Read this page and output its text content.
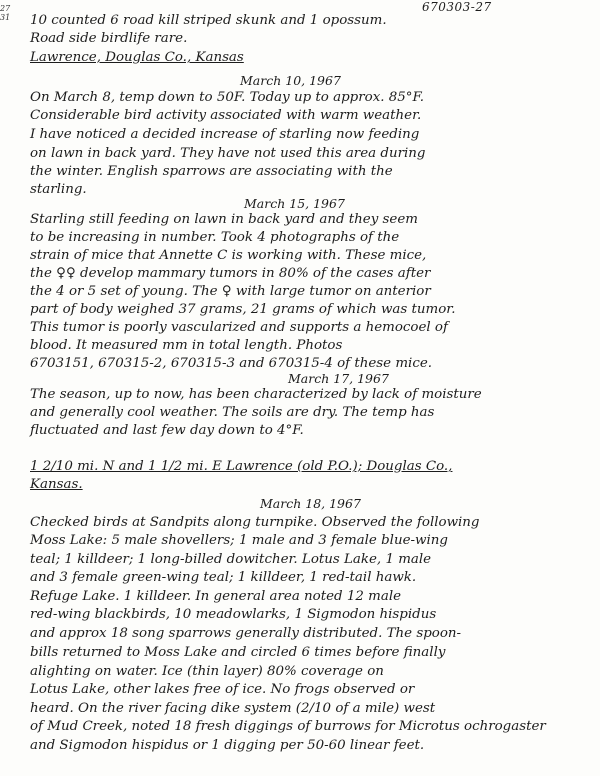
27
31
670303-27
10 counted 6 road kill striped skunk and 1 opossum.
Road side birdlife rare.
Lawrence, Douglas Co., Kansas
March 10, 1967
On March 8, temp down to 50F. Today up to approx. 85°F.
Considerable bird activity associated with warm weather.
I have noticed a decided increase of starling now feeding
on lawn in back yard. They have not used this area during
the winter. English sparrows are associating with the
starling.
March 15, 1967
Starling still feeding on lawn in back yard and they seem
to be increasing in number. Took 4 photographs of the
strain of mice that Annette C is working with. These mice,
the ♀♀ develop mammary tumors in 80% of the cases after
the 4 or 5 set of young. The ♀ with large tumor on anterior
part of body weighed 37 grams, 21 grams of which was tumor.
This tumor is poorly vascularized and supports a hemocoel of
blood. It measured mm in total length. Photos
6703151, 670315-2, 670315-3 and 670315-4 of these mice.
March 17, 1967
The season, up to now, has been characterized by lack of moisture
and generally cool weather. The soils are dry. The temp has
fluctuated and last few day down to 4°F.
1 2/10 mi. N and 1 1/2 mi. E Lawrence (old P.O.); Douglas Co.,
Kansas.
March 18, 1967
Checked birds at Sandpits along turnpike. Observed the following
Moss Lake: 5 male shovellers; 1 male and 3 female blue-wing
teal; 1 killdeer; 1 long-billed dowitcher. Lotus Lake, 1 male
and 3 female green-wing teal; 1 killdeer, 1 red-tail hawk.
Refuge Lake. 1 killdeer. In general area noted 12 male
red-wing blackbirds, 10 meadowlarks, 1 Sigmodon hispidus
and approx 18 song sparrows generally distributed. The spoon-
bills returned to Moss Lake and circled 6 times before finally
alighting on water. Ice (thin layer) 80% coverage on
Lotus Lake, other lakes free of ice. No frogs observed or
heard. On the river facing dike system (2/10 of a mile) west
of Mud Creek, noted 18 fresh diggings of burrows for Microtus ochrogaster
and Sigmodon hispidus or 1 digging per 50-60 linear feet.
